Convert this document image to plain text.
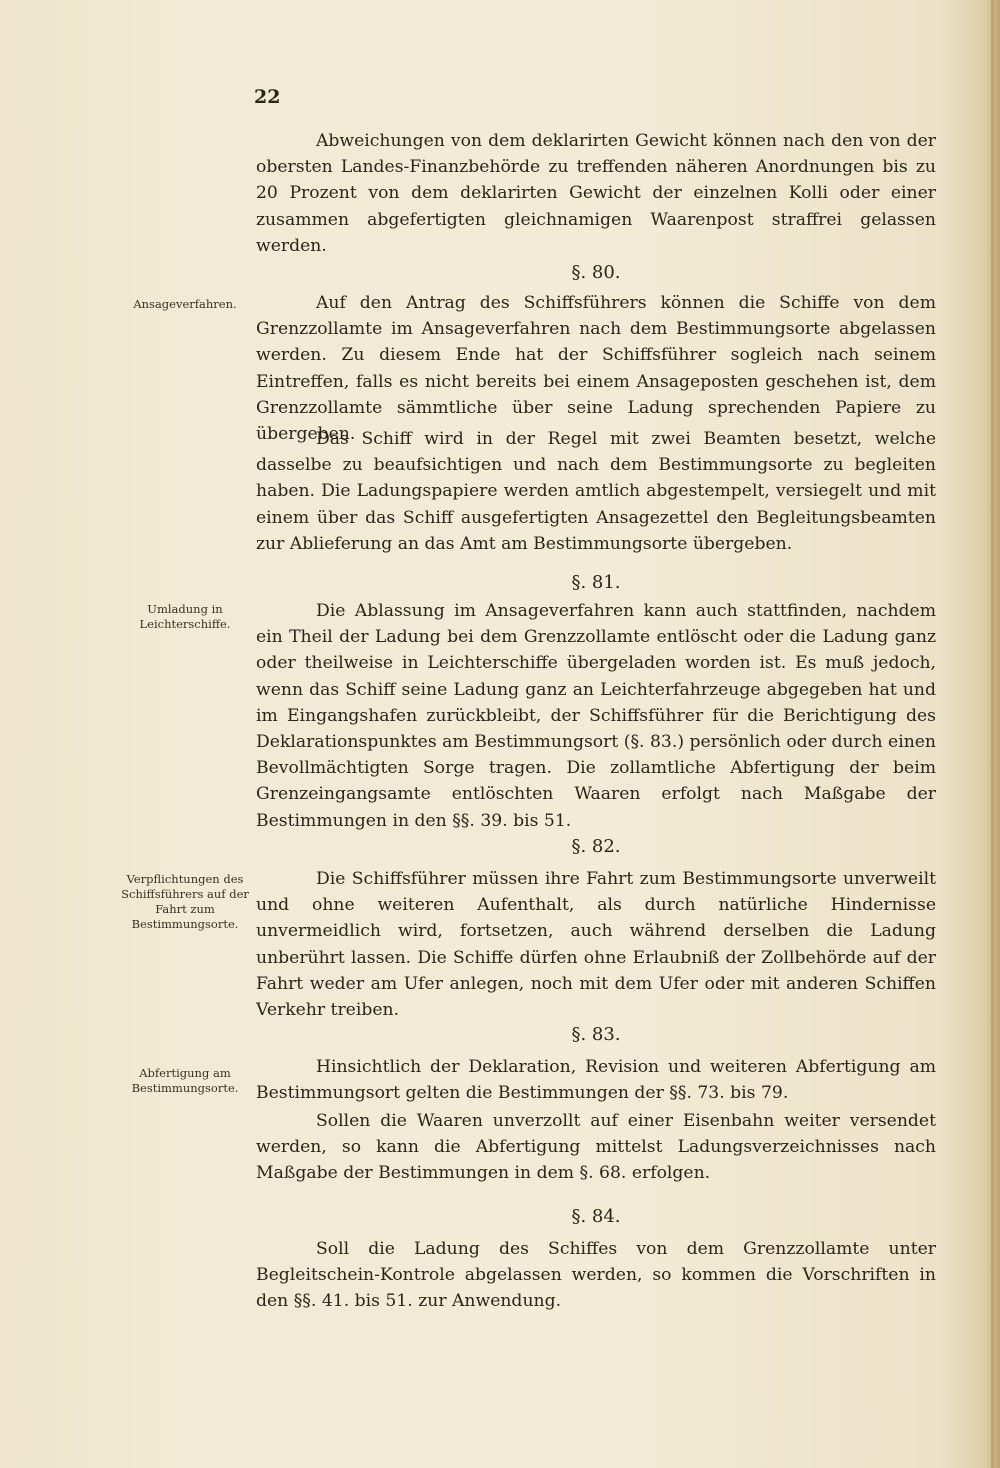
22

Abweichungen von dem deklarirten Gewicht können nach den von der obersten Landes-Finanzbehörde zu treffenden näheren Anordnungen bis zu 20 Prozent von dem deklarirten Gewicht der einzelnen Kolli oder einer zusammen abgefertigten gleichnamigen Waarenpost straffrei gelassen werden.

§. 80.
Ansageverfahren.	Auf den Antrag des Schiffsführers können die Schiffe von dem Grenzzollamte im Ansageverfahren nach dem Bestimmungsorte abgelassen werden. Zu diesem Ende hat der Schiffsführer sogleich nach seinem Eintreffen, falls es nicht bereits bei einem Ansageposten geschehen ist, dem Grenzzollamte sämmtliche über seine Ladung sprechenden Papiere zu übergeben.

Das Schiff wird in der Regel mit zwei Beamten besetzt, welche dasselbe zu beaufsichtigen und nach dem Bestimmungsorte zu begleiten haben. Die Ladungspapiere werden amtlich abgestempelt, versiegelt und mit einem über das Schiff ausgefertigten Ansagezettel den Begleitungsbeamten zur Ablieferung an das Amt am Bestimmungsorte übergeben.

§. 81.
Umladung in Leichterschiffe.

Die Ablassung im Ansageverfahren kann auch stattfinden, nachdem ein Theil der Ladung bei dem Grenzzollamte entlöscht oder die Ladung ganz oder theilweise in Leichterschiffe übergeladen worden ist. Es muß jedoch, wenn das Schiff seine Ladung ganz an Leichterfahrzeuge abgegeben hat und im Eingangshafen zurückbleibt, der Schiffsführer für die Berichtigung des Deklarationspunktes am Bestimmungsort (§. 83.) persönlich oder durch einen Bevollmächtigten Sorge tragen. Die zollamtliche Abfertigung der beim Grenzeingangsamte entlöschten Waaren erfolgt nach Maßgabe der Bestimmungen in den §§. 39. bis 51.

§. 82.
Verpflichtungen des Schiffsführers auf der Fahrt zum Bestimmungsorte.

Die Schiffsführer müssen ihre Fahrt zum Bestimmungsorte unverweilt und ohne weiteren Aufenthalt, als durch natürliche Hindernisse unvermeidlich wird, fortsetzen, auch während derselben die Ladung unberührt lassen. Die Schiffe dürfen ohne Erlaubniß der Zollbehörde auf der Fahrt weder am Ufer anlegen, noch mit dem Ufer oder mit anderen Schiffen Verkehr treiben.

§. 83.
Abfertigung am Bestimmungsorte.

Hinsichtlich der Deklaration, Revision und weiteren Abfertigung am Bestimmungsort gelten die Bestimmungen der §§. 73. bis 79.

Sollen die Waaren unverzollt auf einer Eisenbahn weiter versendet werden, so kann die Abfertigung mittelst Ladungsverzeichnisses nach Maßgabe der Bestimmungen in dem §. 68. erfolgen.

§. 84.

Soll die Ladung des Schiffes von dem Grenzzollamte unter Begleitschein-Kontrole abgelassen werden, so kommen die Vorschriften in den §§. 41. bis 51. zur Anwendung.
